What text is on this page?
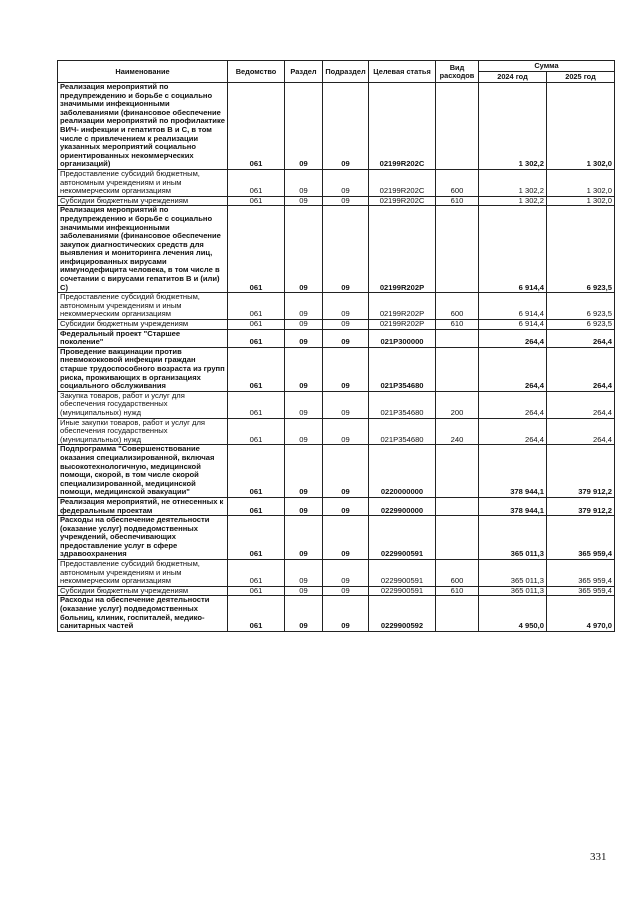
Наименование	Ведомство	Раздел	Подраздел	Целевая статья	Вид расходов	Сумма	
						2024 год	2025 год
Реализация мероприятий по предупреждению и борьбе с социально значимыми инфекционными заболеваниями (финансовое обеспечение реализации мероприятий по профилактике ВИЧ- инфекции и гепатитов В и С, в том числе с привлечением к реализации указанных мероприятий социально ориентированных некоммерческих организаций)	061	09	09	02199R202C		1 302,2	1 302,0
Предоставление субсидий бюджетным, автономным учреждениям и иным некоммерческим организациям	061	09	09	02199R202C	600	1 302,2	1 302,0
Субсидии бюджетным учреждениям	061	09	09	02199R202C	610	1 302,2	1 302,0
Реализация мероприятий по предупреждению и борьбе с социально значимыми инфекционными заболеваниями (финансовое обеспечение закупок диагностических средств для выявления и мониторинга лечения лиц, инфицированных вирусами иммунодефицита человека, в том числе в сочетании с вирусами гепатитов В и (или) С)	061	09	09	02199R202P		6 914,4	6 923,5
Предоставление субсидий бюджетным, автономным учреждениям и иным некоммерческим организациям	061	09	09	02199R202P	600	6 914,4	6 923,5
Субсидии бюджетным учреждениям	061	09	09	02199R202P	610	6 914,4	6 923,5
Федеральный проект "Старшее поколение"	061	09	09	021P300000		264,4	264,4
Проведение вакцинации против пневмококковой инфекции граждан старше трудоспособного возраста из групп риска, проживающих в организациях социального обслуживания	061	09	09	021P354680		264,4	264,4
Закупка товаров, работ и услуг для обеспечения государственных (муниципальных) нужд	061	09	09	021P354680	200	264,4	264,4
Иные закупки товаров, работ и услуг для обеспечения государственных (муниципальных) нужд	061	09	09	021P354680	240	264,4	264,4
Подпрограмма "Совершенствование оказания специализированной, включая высокотехнологичную, медицинской помощи, скорой, в том числе скорой специализированной, медицинской помощи, медицинской эвакуации"	061	09	09	0220000000		378 944,1	379 912,2
Реализация мероприятий, не отнесенных к федеральным проектам	061	09	09	0229900000		378 944,1	379 912,2
Расходы на обеспечение деятельности (оказание услуг) подведомственных учреждений, обеспечивающих предоставление услуг в сфере здравоохранения	061	09	09	0229900591		365 011,3	365 959,4
Предоставление субсидий бюджетным, автономным учреждениям и иным некоммерческим организациям	061	09	09	0229900591	600	365 011,3	365 959,4
Субсидии бюджетным учреждениям	061	09	09	0229900591	610	365 011,3	365 959,4
Расходы на обеспечение деятельности (оказание услуг) подведомственных больниц, клиник, госпиталей, медико-санитарных частей	061	09	09	0229900592		4 950,0	4 970,0
331
